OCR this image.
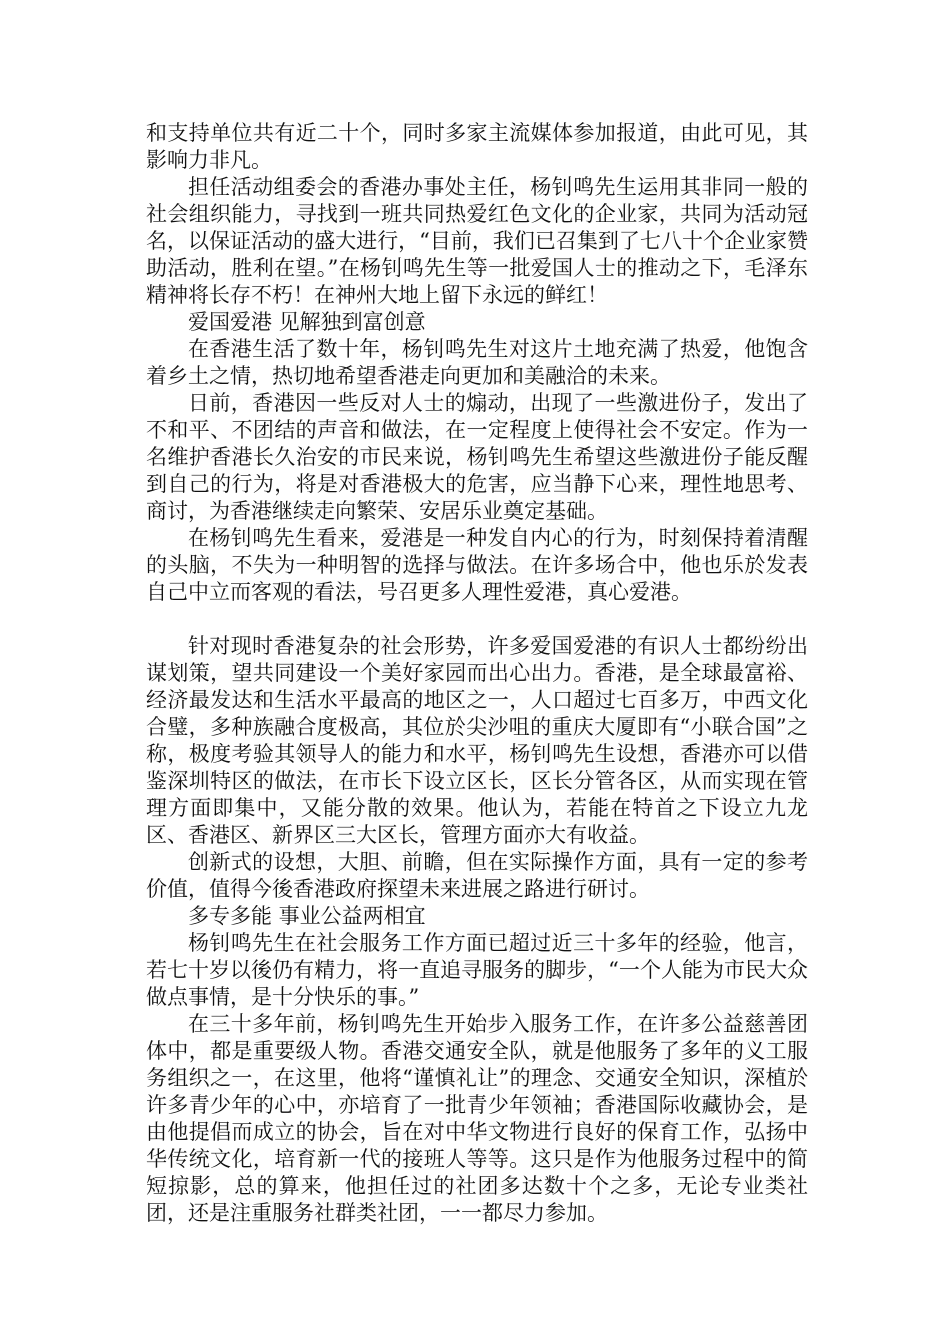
和支持单位共有近二十个，同时多家主流媒体参加报道，由此可见，其影响力非凡。

担任活动组委会的香港办事处主任，杨钊鸣先生运用其非同一般的社会组织能力，寻找到一班共同热爱红色文化的企业家，共同为活动冠名，以保证活动的盛大进行，“目前，我们已召集到了七八十个企业家赞助活动，胜利在望。”在杨钊鸣先生等一批爱国人士的推动之下，毛泽东精神将长存不朽！在神州大地上留下永远的鲜红！

爱国爱港 见解独到富创意

在香港生活了数十年，杨钊鸣先生对这片土地充满了热爱，他饱含着乡土之情，热切地希望香港走向更加和美融洽的未来。

日前，香港因一些反对人士的煽动，出现了一些激进份子，发出了不和平、不团结的声音和做法，在一定程度上使得社会不安定。作为一名维护香港长久治安的市民来说，杨钊鸣先生希望这些激进份子能反醒到自己的行为，将是对香港极大的危害，应当静下心来，理性地思考、商讨，为香港继续走向繁荣、安居乐业奠定基础。

在杨钊鸣先生看来，爱港是一种发自内心的行为，时刻保持着清醒的头脑，不失为一种明智的选择与做法。在许多场合中，他也乐於发表自己中立而客观的看法，号召更多人理性爱港，真心爱港。

针对现时香港复杂的社会形势，许多爱国爱港的有识人士都纷纷出谋划策，望共同建设一个美好家园而出心出力。香港，是全球最富裕、经济最发达和生活水平最高的地区之一，人口超过七百多万，中西文化合璧，多种族融合度极高，其位於尖沙咀的重庆大厦即有“小联合国”之称，极度考验其领导人的能力和水平，杨钊鸣先生设想，香港亦可以借鉴深圳特区的做法，在市长下设立区长，区长分管各区，从而实现在管理方面即集中，又能分散的效果。他认为，若能在特首之下设立九龙区、香港区、新界区三大区长，管理方面亦大有收益。

创新式的设想，大胆、前瞻，但在实际操作方面，具有一定的参考价值，值得今後香港政府探望未来进展之路进行研讨。

多专多能 事业公益两相宜

杨钊鸣先生在社会服务工作方面已超过近三十多年的经验，他言，若七十岁以後仍有精力，将一直追寻服务的脚步，“一个人能为市民大众做点事情，是十分快乐的事。”

在三十多年前，杨钊鸣先生开始步入服务工作，在许多公益慈善团体中，都是重要级人物。香港交通安全队，就是他服务了多年的义工服务组织之一，在这里，他将“谨慎礼让”的理念、交通安全知识，深植於许多青少年的心中，亦培育了一批青少年领袖；香港国际收藏协会，是由他提倡而成立的协会，旨在对中华文物进行良好的保育工作，弘扬中华传统文化，培育新一代的接班人等等。这只是作为他服务过程中的简短掠影，总的算来，他担任过的社团多达数十个之多，无论专业类社团，还是注重服务社群类社团，一一都尽力参加。
